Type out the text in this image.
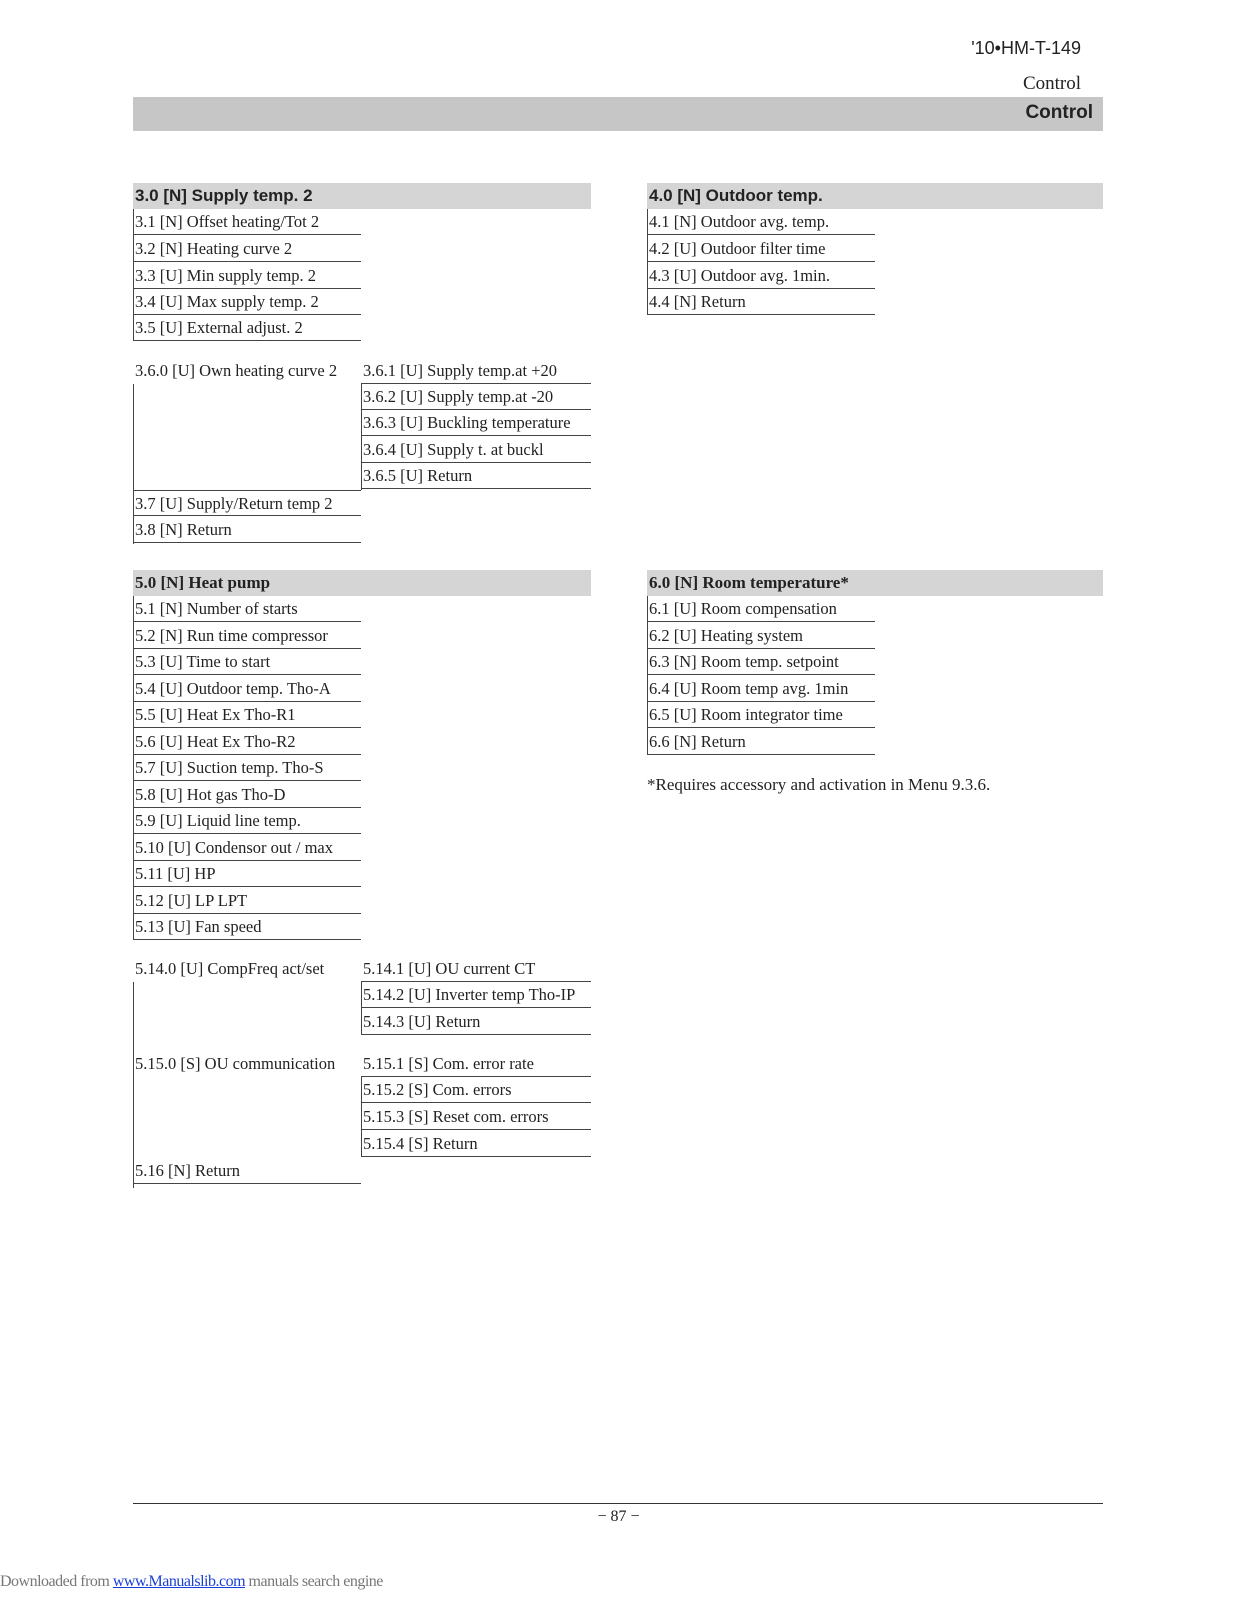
'10•HM-T-149
Control
Control
3.0 [N] Supply temp. 2
3.1 [N] Offset heating/Tot 2
3.2 [N] Heating curve 2
3.3 [U] Min supply temp. 2
3.4 [U] Max supply temp. 2
3.5 [U] External adjust. 2
3.6.0 [U] Own heating curve 2	3.6.1 [U] Supply temp.at +20
3.6.2 [U] Supply temp.at -20
3.6.3 [U] Buckling temperature
3.6.4 [U] Supply t. at buckl
3.6.5 [U] Return
3.7 [U] Supply/Return temp 2
3.8 [N] Return
4.0 [N] Outdoor temp.
4.1 [N] Outdoor avg. temp.
4.2 [U] Outdoor filter time
4.3 [U] Outdoor avg. 1min.
4.4 [N] Return
5.0 [N] Heat pump
5.1 [N] Number of starts
5.2 [N] Run time compressor
5.3 [U] Time to start
5.4 [U] Outdoor temp. Tho-A
5.5 [U] Heat Ex Tho-R1
5.6 [U] Heat Ex Tho-R2
5.7 [U] Suction temp. Tho-S
5.8 [U] Hot gas Tho-D
5.9 [U] Liquid line temp.
5.10 [U] Condensor out / max
5.11 [U] HP
5.12 [U] LP LPT
5.13 [U] Fan speed
5.14.0 [U] CompFreq act/set	5.14.1 [U] OU current CT
5.14.2 [U] Inverter temp Tho-IP
5.14.3 [U] Return
5.15.0 [S] OU communication	5.15.1 [S] Com. error rate
5.15.2 [S] Com. errors
5.15.3 [S] Reset com. errors
5.15.4 [S] Return
5.16 [N] Return
6.0 [N] Room temperature*
6.1 [U] Room compensation
6.2 [U] Heating system
6.3 [N] Room temp. setpoint
6.4 [U] Room temp avg. 1min
6.5 [U] Room integrator time
6.6 [N] Return
*Requires accessory and activation in Menu 9.3.6.
− 87 −
Downloaded from www.Manualslib.com manuals search engine
